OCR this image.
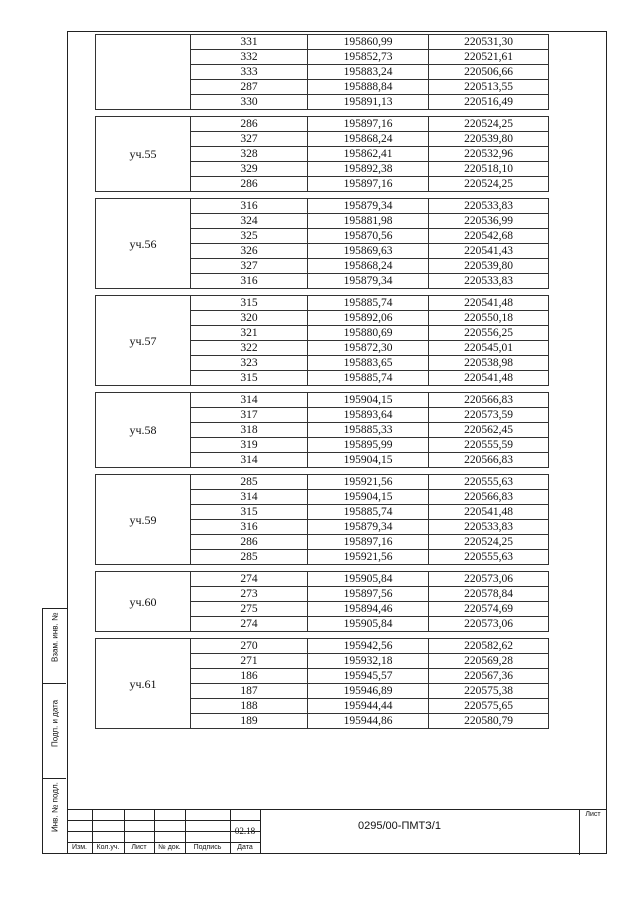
Взам. инв. №
Подп. и дата
Инв. № подл.
	331	195860,99	220531,30
	332	195852,73	220521,61
	333	195883,24	220506,66
	287	195888,84	220513,55
	330	195891,13	220516,49

уч.55	286	195897,16	220524,25
	327	195868,24	220539,80
	328	195862,41	220532,96
	329	195892,38	220518,10
	286	195897,16	220524,25

уч.56	316	195879,34	220533,83
	324	195881,98	220536,99
	325	195870,56	220542,68
	326	195869,63	220541,43
	327	195868,24	220539,80
	316	195879,34	220533,83

уч.57	315	195885,74	220541,48
	320	195892,06	220550,18
	321	195880,69	220556,25
	322	195872,30	220545,01
	323	195883,65	220538,98
	315	195885,74	220541,48

уч.58	314	195904,15	220566,83
	317	195893,64	220573,59
	318	195885,33	220562,45
	319	195895,99	220555,59
	314	195904,15	220566,83

уч.59	285	195921,56	220555,63
	314	195904,15	220566,83
	315	195885,74	220541,48
	316	195879,34	220533,83
	286	195897,16	220524,25
	285	195921,56	220555,63

уч.60	274	195905,84	220573,06
	273	195897,56	220578,84
	275	195894,46	220574,69
	274	195905,84	220573,06

уч.61	270	195942,56	220582,62
	271	195932,18	220569,28
	186	195945,57	220567,36
	187	195946,89	220575,38
	188	195944,44	220575,65
	189	195944,86	220580,79
Изм.	Кол.уч.	Лист	№ док.	Подпись	Дата
02.18	0295/00-ПМТЗ/1
Лист
